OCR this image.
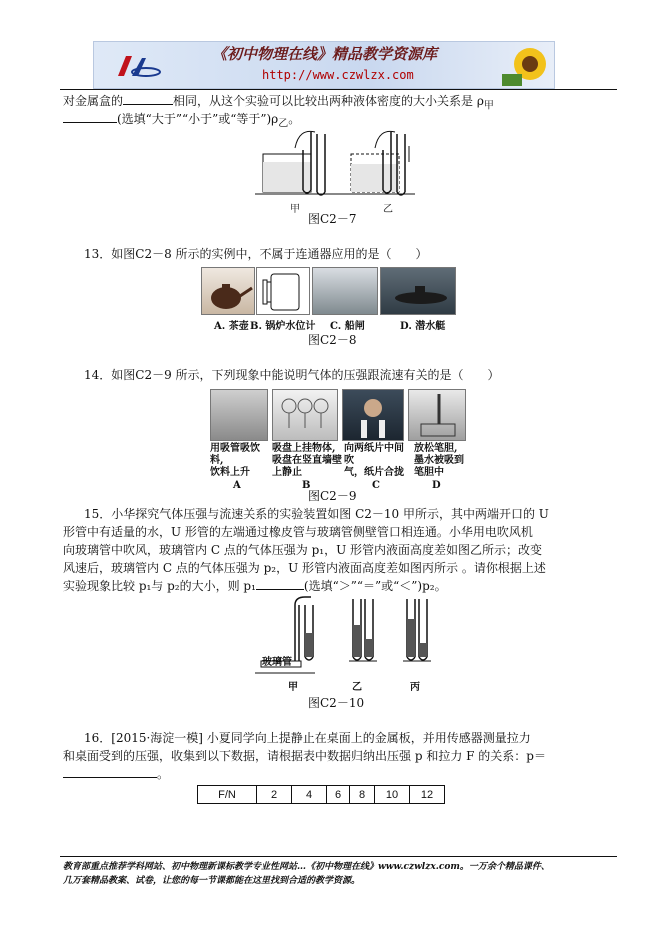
《初中物理在线》精品教学资源库
http://www.czwlzx.com
对金属盒的	相同，从这个实验可以比较出两种液体密度的大小关系是 $\rho_甲$
(选填“大于”“小于”或“等于$”)\rho_乙$。
甲	乙
图C2－7
13．如图C2－8 所示的实例中，不属于连通器应用的是（　　）
A. 茶壶 B. 锅炉水位计 C. 船闸	D. 潜水艇
图C2－8
14．如图C2－9 所示，下列现象中能说明气体的压强跟流速有关的是（　　）
用吸管吸饮料,
饮料上升
吸盘上挂物体,
吸盘在竖直墙壁
上静止
向两纸片中间吹
气，纸片合拢
放松笔胆,
墨水被吸到
笔胆中
A	B	C	D
图C2－9
15．小华探究气体压强与流速关系的实验装置如图 C2－10 甲所示，其中两端开口的 U
形管中有适量的水，U 形管的左端通过橡皮管与玻璃管侧壁管口相连通。小华用电吹风机
向玻璃管中吹风，玻璃管内 C 点的气体压强为 p₁，U 形管内液面高度差如图乙所示；改变
风速后，玻璃管内 C 点的气体压强为 p₂，U 形管内液面高度差如图丙所示 。请你根据上述
实验现象比较 p₁与 p₂的大小，则 p₁	(选填“＞”“＝”或“＜”)p₂。
玻璃管
甲	乙	丙
图C2－10
16．[2015·海淀一模] 小夏同学向上提静止在桌面上的金属板，并用传感器测量拉力
和桌面受到的压强，收集到以下数据，请根据表中数据归纳出压强 p 和拉力 F 的关系：p＝
。
F/N	2	4	6	8	10	12
教育部重点推荐学科网站、初中物理新课标教学专业性网站…《初中物理在线》www.czwlzx.com。一万余个精品课件、
几万套精品教案、试卷，让您的每一节课都能在这里找到合适的教学资源。
